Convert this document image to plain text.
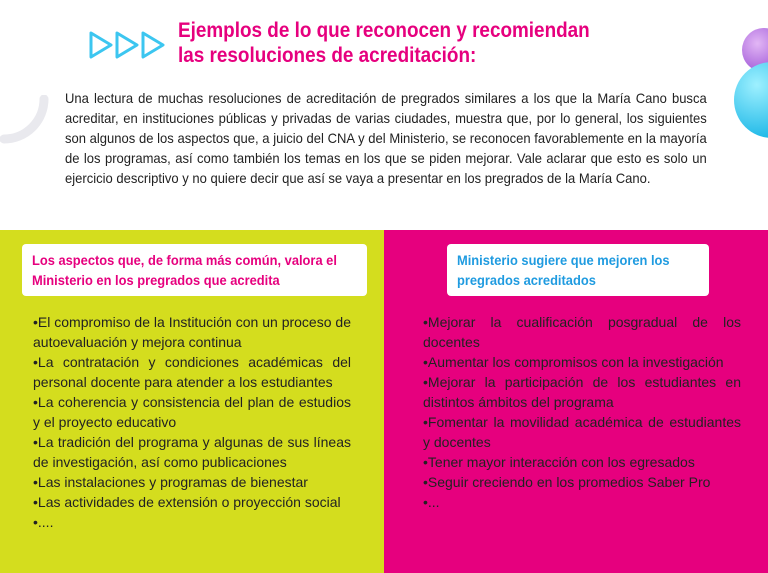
Ejemplos de lo que reconocen y recomiendan
las resoluciones de acreditación:

Una lectura de muchas resoluciones de acreditación de pregrados similares a los que la María Cano busca acreditar, en instituciones públicas y privadas de varias ciudades, muestra que, por lo general, los siguientes son algunos de los aspectos que, a juicio del CNA y del Ministerio, se reconocen favorablemente en la mayoría de los programas, así como también los temas en los que se piden mejorar. Vale aclarar que esto es solo un ejercicio descriptivo y no quiere decir que así se vaya a presentar en los pregrados de la María Cano.

Los aspectos que, de forma más común, valora el Ministerio en los pregrados que acredita
•El compromiso de la Institución con un proceso de autoevaluación y mejora continua
•La contratación y condiciones académicas del personal docente para atender a los estudiantes
•La coherencia y consistencia del plan de estudios y el proyecto educativo
•La tradición del programa y algunas de sus líneas de investigación, así como publicaciones
•Las instalaciones y programas de bienestar
•Las actividades de extensión o proyección social
•....
Ministerio sugiere que mejoren los pregrados acreditados
•Mejorar la cualificación posgradual de los docentes
•Aumentar los compromisos con la investigación
•Mejorar la participación de los estudiantes en distintos ámbitos del programa
•Fomentar la movilidad académica de estudiantes y docentes
•Tener mayor interacción con los egresados
•Seguir creciendo en los promedios Saber Pro
•...
